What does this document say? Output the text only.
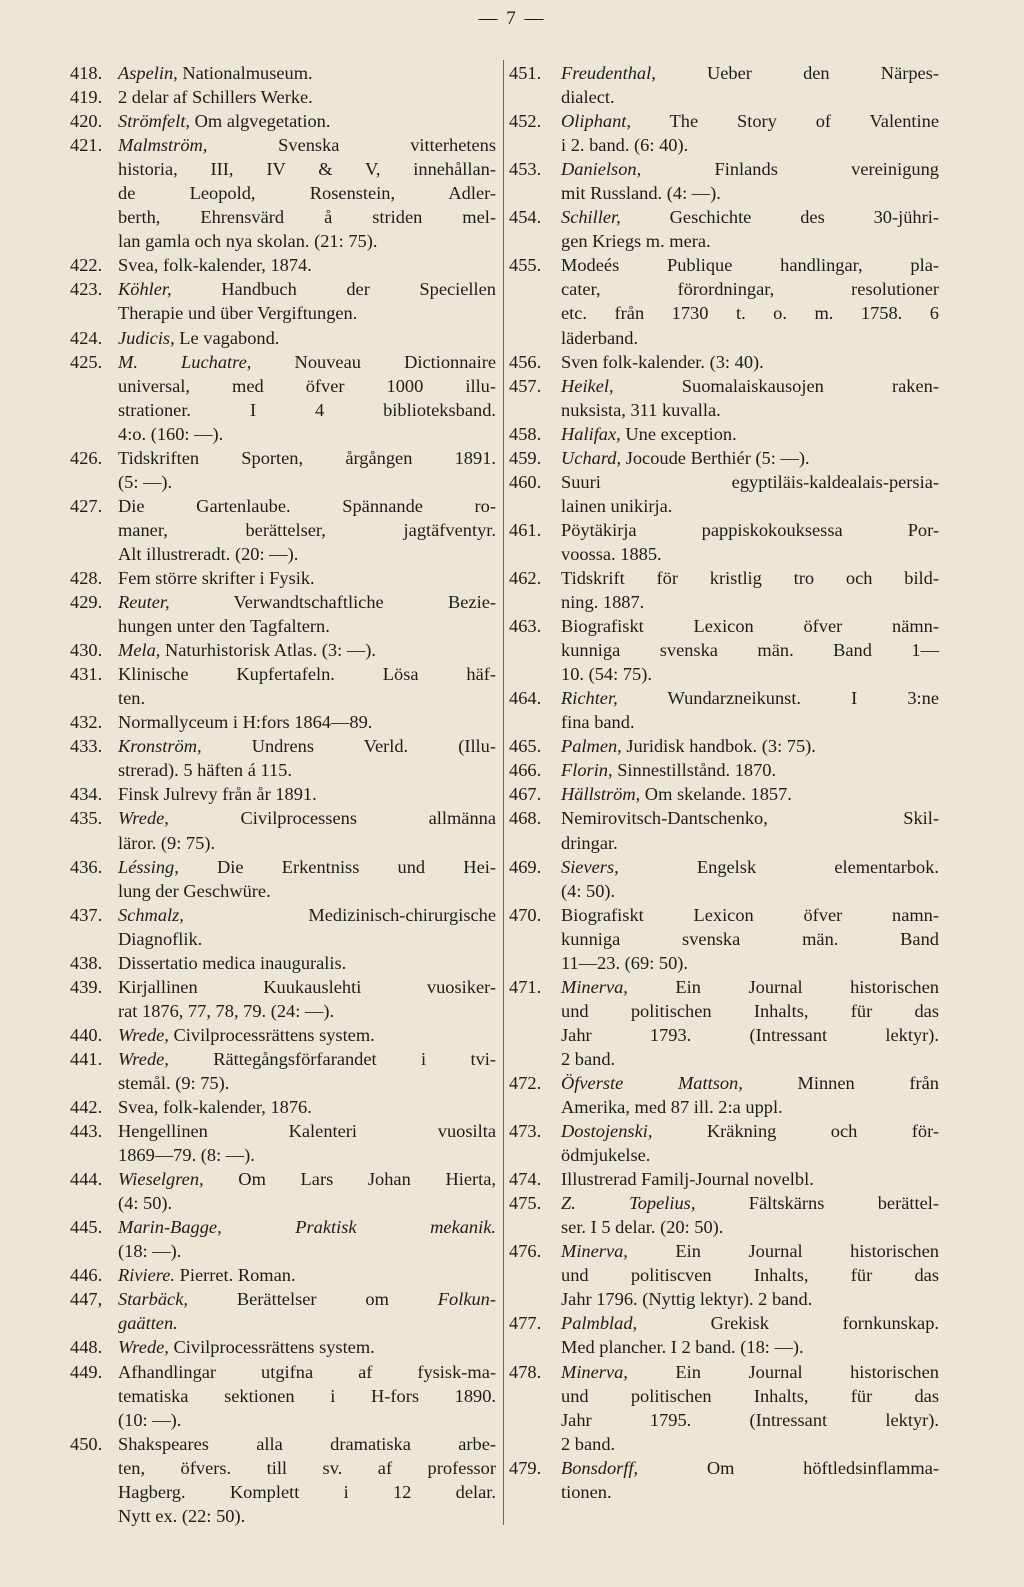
— 7 —
418. Aspelin, Nationalmuseum.
419. 2 delar af Schillers Werke.
420. Strömfelt, Om algvegetation.
421. Malmström, Svenska vitterhetens
historia, III, IV & V, innehållan-
de Leopold, Rosenstein, Adler-
berth, Ehrensvärd å striden mel-
lan gamla och nya skolan. (21: 75).
422. Svea, folk-kalender, 1874.
423. Köhler, Handbuch der Speciellen
Therapie und über Vergiftungen.
424. Judicis, Le vagabond.
425. M. Luchatre, Nouveau Dictionnaire
universal, med öfver 1000 illu-
strationer. I 4 biblioteksband.
4:o. (160: —).
426. Tidskriften Sporten, årgången 1891.
(5: —).
427. Die Gartenlaube. Spännande ro-
maner, berättelser, jagtäfventyr.
Alt illustreradt. (20: —).
428. Fem större skrifter i Fysik.
429. Reuter, Verwandtschaftliche Bezie-
hungen unter den Tagfaltern.
430. Mela, Naturhistorisk Atlas. (3: —).
431. Klinische Kupfertafeln. Lösa häf-
ten.
432. Normallyceum i H:fors 1864—89.
433. Kronström, Undrens Verld. (Illu-
strerad). 5 häften á 115.
434. Finsk Julrevy från år 1891.
435. Wrede, Civilprocessens allmänna
läror. (9: 75).
436. Léssing, Die Erkentniss und Hei-
lung der Geschwüre.
437. Schmalz, Medizinisch-chirurgische
Diagnoflik.
438. Dissertatio medica inauguralis.
439. Kirjallinen Kuukauslehti vuosiker-
rat 1876, 77, 78, 79. (24: —).
440. Wrede, Civilprocessrättens system.
441. Wrede, Rättegångsförfarandet i tvi-
stemål. (9: 75).
442. Svea, folk-kalender, 1876.
443. Hengellinen Kalenteri vuosilta
1869—79. (8: —).
444. Wieselgren, Om Lars Johan Hierta,
(4: 50).
445. Marin-Bagge, Praktisk mekanik.
(18: —).
446. Riviere. Pierret. Roman.
447, Starbäck, Berättelser om Folkun-
gaätten.
448. Wrede, Civilprocessrättens system.
449. Afhandlingar utgifna af fysisk-ma-
tematiska sektionen i H-fors 1890.
(10: —).
450. Shakspeares alla dramatiska arbe-
ten, öfvers. till sv. af professor
Hagberg. Komplett i 12 delar.
Nytt ex. (22: 50).
451.	Freudenthal, Ueber den Närpes-
dialect.
452.	Oliphant, The Story of Valentine
i 2. band. (6: 40).
453.	Danielson, Finlands vereinigung
mit Russland. (4: —).
454.	Schiller, Geschichte des 30-jühri-
gen Kriegs m. mera.
455.	Modeés Publique handlingar, pla-
cater, förordningar, resolutioner
etc. från 1730 t. o. m. 1758. 6
läderband.
456.	Sven folk-kalender. (3: 40).
457.	Heikel, Suomalaiskausojen raken-
nuksista, 311 kuvalla.
458.	Halifax, Une exception.
459.	Uchard, Jocoude Berthiér (5: —).
460.	Suuri egyptiläis-kaldealais-persia-
lainen unikirja.
461.	Pöytäkirja pappiskokouksessa Por-
voossa. 1885.
462.	Tidskrift för kristlig tro och bild-
ning. 1887.
463.	Biografiskt Lexicon öfver nämn-
kunniga svenska män. Band 1—
10. (54: 75).
464.	Richter, Wundarzneikunst. I 3:ne
fina band.
465.	Palmen, Juridisk handbok. (3: 75).
466.	Florin, Sinnestillstånd. 1870.
467.	Hällström, Om skelande. 1857.
468.	Nemirovitsch-Dantschenko, Skil-
dringar.
469.	Sievers, Engelsk elementarbok.
(4: 50).
470.	Biografiskt Lexicon öfver namn-
kunniga svenska män. Band
11—23. (69: 50).
471.	Minerva, Ein Journal historischen
und politischen Inhalts, für das
Jahr 1793. (Intressant lektyr).
2 band.
472.	Öfverste Mattson, Minnen från
Amerika, med 87 ill. 2:a uppl.
473.	Dostojenski, Kräkning och för-
ödmjukelse.
474.	Illustrerad Familj-Journal novelbl.
475.	Z. Topelius, Fältskärns berättel-
ser. I 5 delar. (20: 50).
476.	Minerva, Ein Journal historischen
und politiscven Inhalts, für das
Jahr 1796. (Nyttig lektyr). 2 band.
477.	Palmblad, Grekisk fornkunskap.
Med plancher. I 2 band. (18: —).
478.	Minerva, Ein Journal historischen
und politischen Inhalts, für das
Jahr 1795. (Intressant lektyr).
2 band.
479.	Bonsdorff, Om höftledsinflamma-
tionen.
